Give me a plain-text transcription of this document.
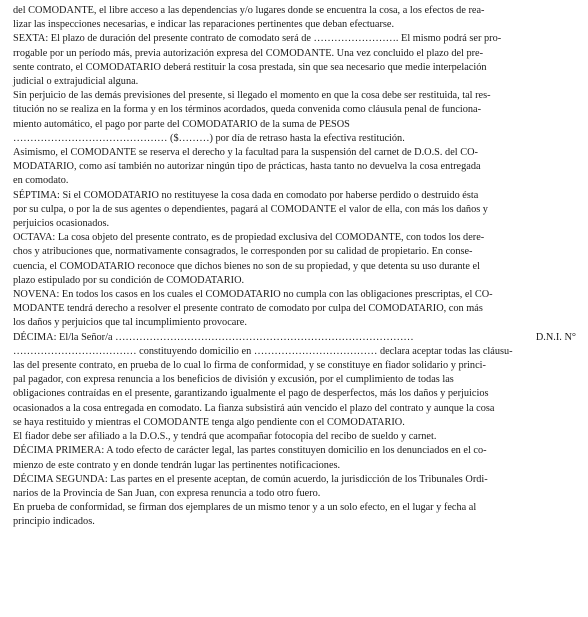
del COMODANTE, el libre acceso a las dependencias y/o lugares donde se encuentra la cosa, a los efectos de rea-
lizar las inspecciones necesarias, e indicar las reparaciones pertinentes que deban efectuarse.

SEXTA: El plazo de duración del presente contrato de comodato será de ……………………. El mismo podrá ser pro-
rrogable por un período más, previa autorización expresa del COMODANTE. Una vez concluido el plazo del pre-
sente contrato, el COMODATARIO deberá restituir la cosa prestada, sin que sea necesario que medie interpelación
judicial o extrajudicial alguna.

Sin perjuicio de las demás previsiones del presente, si llegado el momento en que la cosa debe ser restituida, tal res-
titución no se realiza en la forma y en los términos acordados, queda convenida como cláusula penal de funciona-
miento automático, el pago por parte del COMODATARIO de la suma de PESOS
……………………………………… ($………) por día de retraso hasta la efectiva restitución.

Asimismo, el COMODANTE se reserva el derecho y la facultad para la suspensión del carnet de D.O.S. del CO-
MODATARIO, como así también no autorizar ningún tipo de prácticas, hasta tanto no devuelva la cosa entregada
en comodato.

SÉPTIMA: Si el COMODATARIO no restituyese la cosa dada en comodato por haberse perdido o destruido ésta
por su culpa, o por la de sus agentes o dependientes, pagará al COMODANTE el valor de ella, con más los daños y
perjuicios ocasionados.

OCTAVA: La cosa objeto del presente contrato, es de propiedad exclusiva del COMODANTE, con todos los dere-
chos y atribuciones que, normativamente consagrados, le corresponden por su calidad de propietario. En conse-
cuencia, el COMODATARIO reconoce que dichos bienes no son de su propiedad, y que detenta su uso durante el
plazo estipulado por su condición de COMODATARIO.

NOVENA: En todos los casos en los cuales el COMODATARIO no cumpla con las obligaciones prescriptas, el CO-
MODANTE tendrá derecho a resolver el presente contrato de comodato por culpa del COMODATARIO, con más
los daños y perjuicios que tal incumplimiento provocare.

DÉCIMA: El/la Señor/a ……………………………………………………………………………	D.N.I. N°

……………………………… constituyendo domicilio en ……………………………… declara aceptar todas las cláusu-
las del presente contrato, en prueba de lo cual lo firma de conformidad, y se constituye en fiador solidario y princi-
pal pagador, con expresa renuncia a los beneficios de división y excusión, por el cumplimiento de todas las
obligaciones contraídas en el presente, garantizando igualmente el pago de desperfectos, más los daños y perjuicios
ocasionados a la cosa entregada en comodato. La fianza subsistirá aún vencido el plazo del contrato y aunque la cosa
se haya restituido y mientras el COMODANTE tenga algo pendiente con el COMODATARIO.

El fiador debe ser afiliado a la D.O.S., y tendrá que acompañar fotocopia del recibo de sueldo y carnet.

DÉCIMA PRIMERA: A todo efecto de carácter legal, las partes constituyen domicilio en los denunciados en el co-
mienzo de este contrato y en donde tendrán lugar las pertinentes notificaciones.

DÉCIMA SEGUNDA: Las partes en el presente aceptan, de común acuerdo, la jurisdicción de los Tribunales Ordi-
narios de la Provincia de San Juan, con expresa renuncia a todo otro fuero.

En prueba de conformidad, se firman dos ejemplares de un mismo tenor y a un solo efecto, en el lugar y fecha al
principio indicados.
